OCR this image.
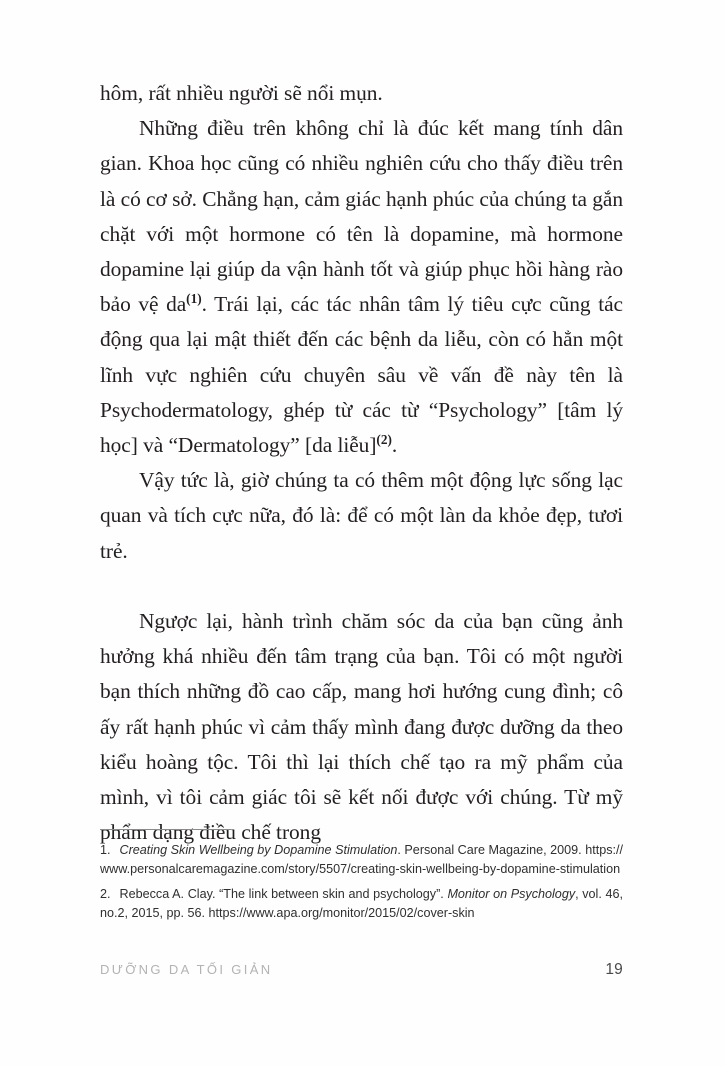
hôm, rất nhiều người sẽ nổi mụn.

Những điều trên không chỉ là đúc kết mang tính dân gian. Khoa học cũng có nhiều nghiên cứu cho thấy điều trên là có cơ sở. Chẳng hạn, cảm giác hạnh phúc của chúng ta gắn chặt với một hormone có tên là dopamine, mà hormone dopamine lại giúp da vận hành tốt và giúp phục hồi hàng rào bảo vệ da$^{(1)}$. Trái lại, các tác nhân tâm lý tiêu cực cũng tác động qua lại mật thiết đến các bệnh da liễu, còn có hẳn một lĩnh vực nghiên cứu chuyên sâu về vấn đề này tên là Psychodermatology, ghép từ các từ “Psychology” [tâm lý học] và “Dermatology” [da liễu]$^{(2)}$.

Vậy tức là, giờ chúng ta có thêm một động lực sống lạc quan và tích cực nữa, đó là: để có một làn da khỏe đẹp, tươi trẻ.

Ngược lại, hành trình chăm sóc da của bạn cũng ảnh hưởng khá nhiều đến tâm trạng của bạn. Tôi có một người bạn thích những đồ cao cấp, mang hơi hướng cung đình; cô ấy rất hạnh phúc vì cảm thấy mình đang được dưỡng da theo kiểu hoàng tộc. Tôi thì lại thích chế tạo ra mỹ phẩm của mình, vì tôi cảm giác tôi sẽ kết nối được với chúng. Từ mỹ phẩm dạng điều chế trong

1. Creating Skin Wellbeing by Dopamine Stimulation. Personal Care Magazine, 2009. https://www.personalcaremagazine.com/story/5507/creating-skin-wellbeing-by-dopamine-stimulation

2. Rebecca A. Clay. “The link between skin and psychology”. Monitor on Psychology, vol. 46, no.2, 2015, pp. 56. https://www.apa.org/monitor/2015/02/cover-skin

DƯỠNG DA TỐI GIẢN	19
